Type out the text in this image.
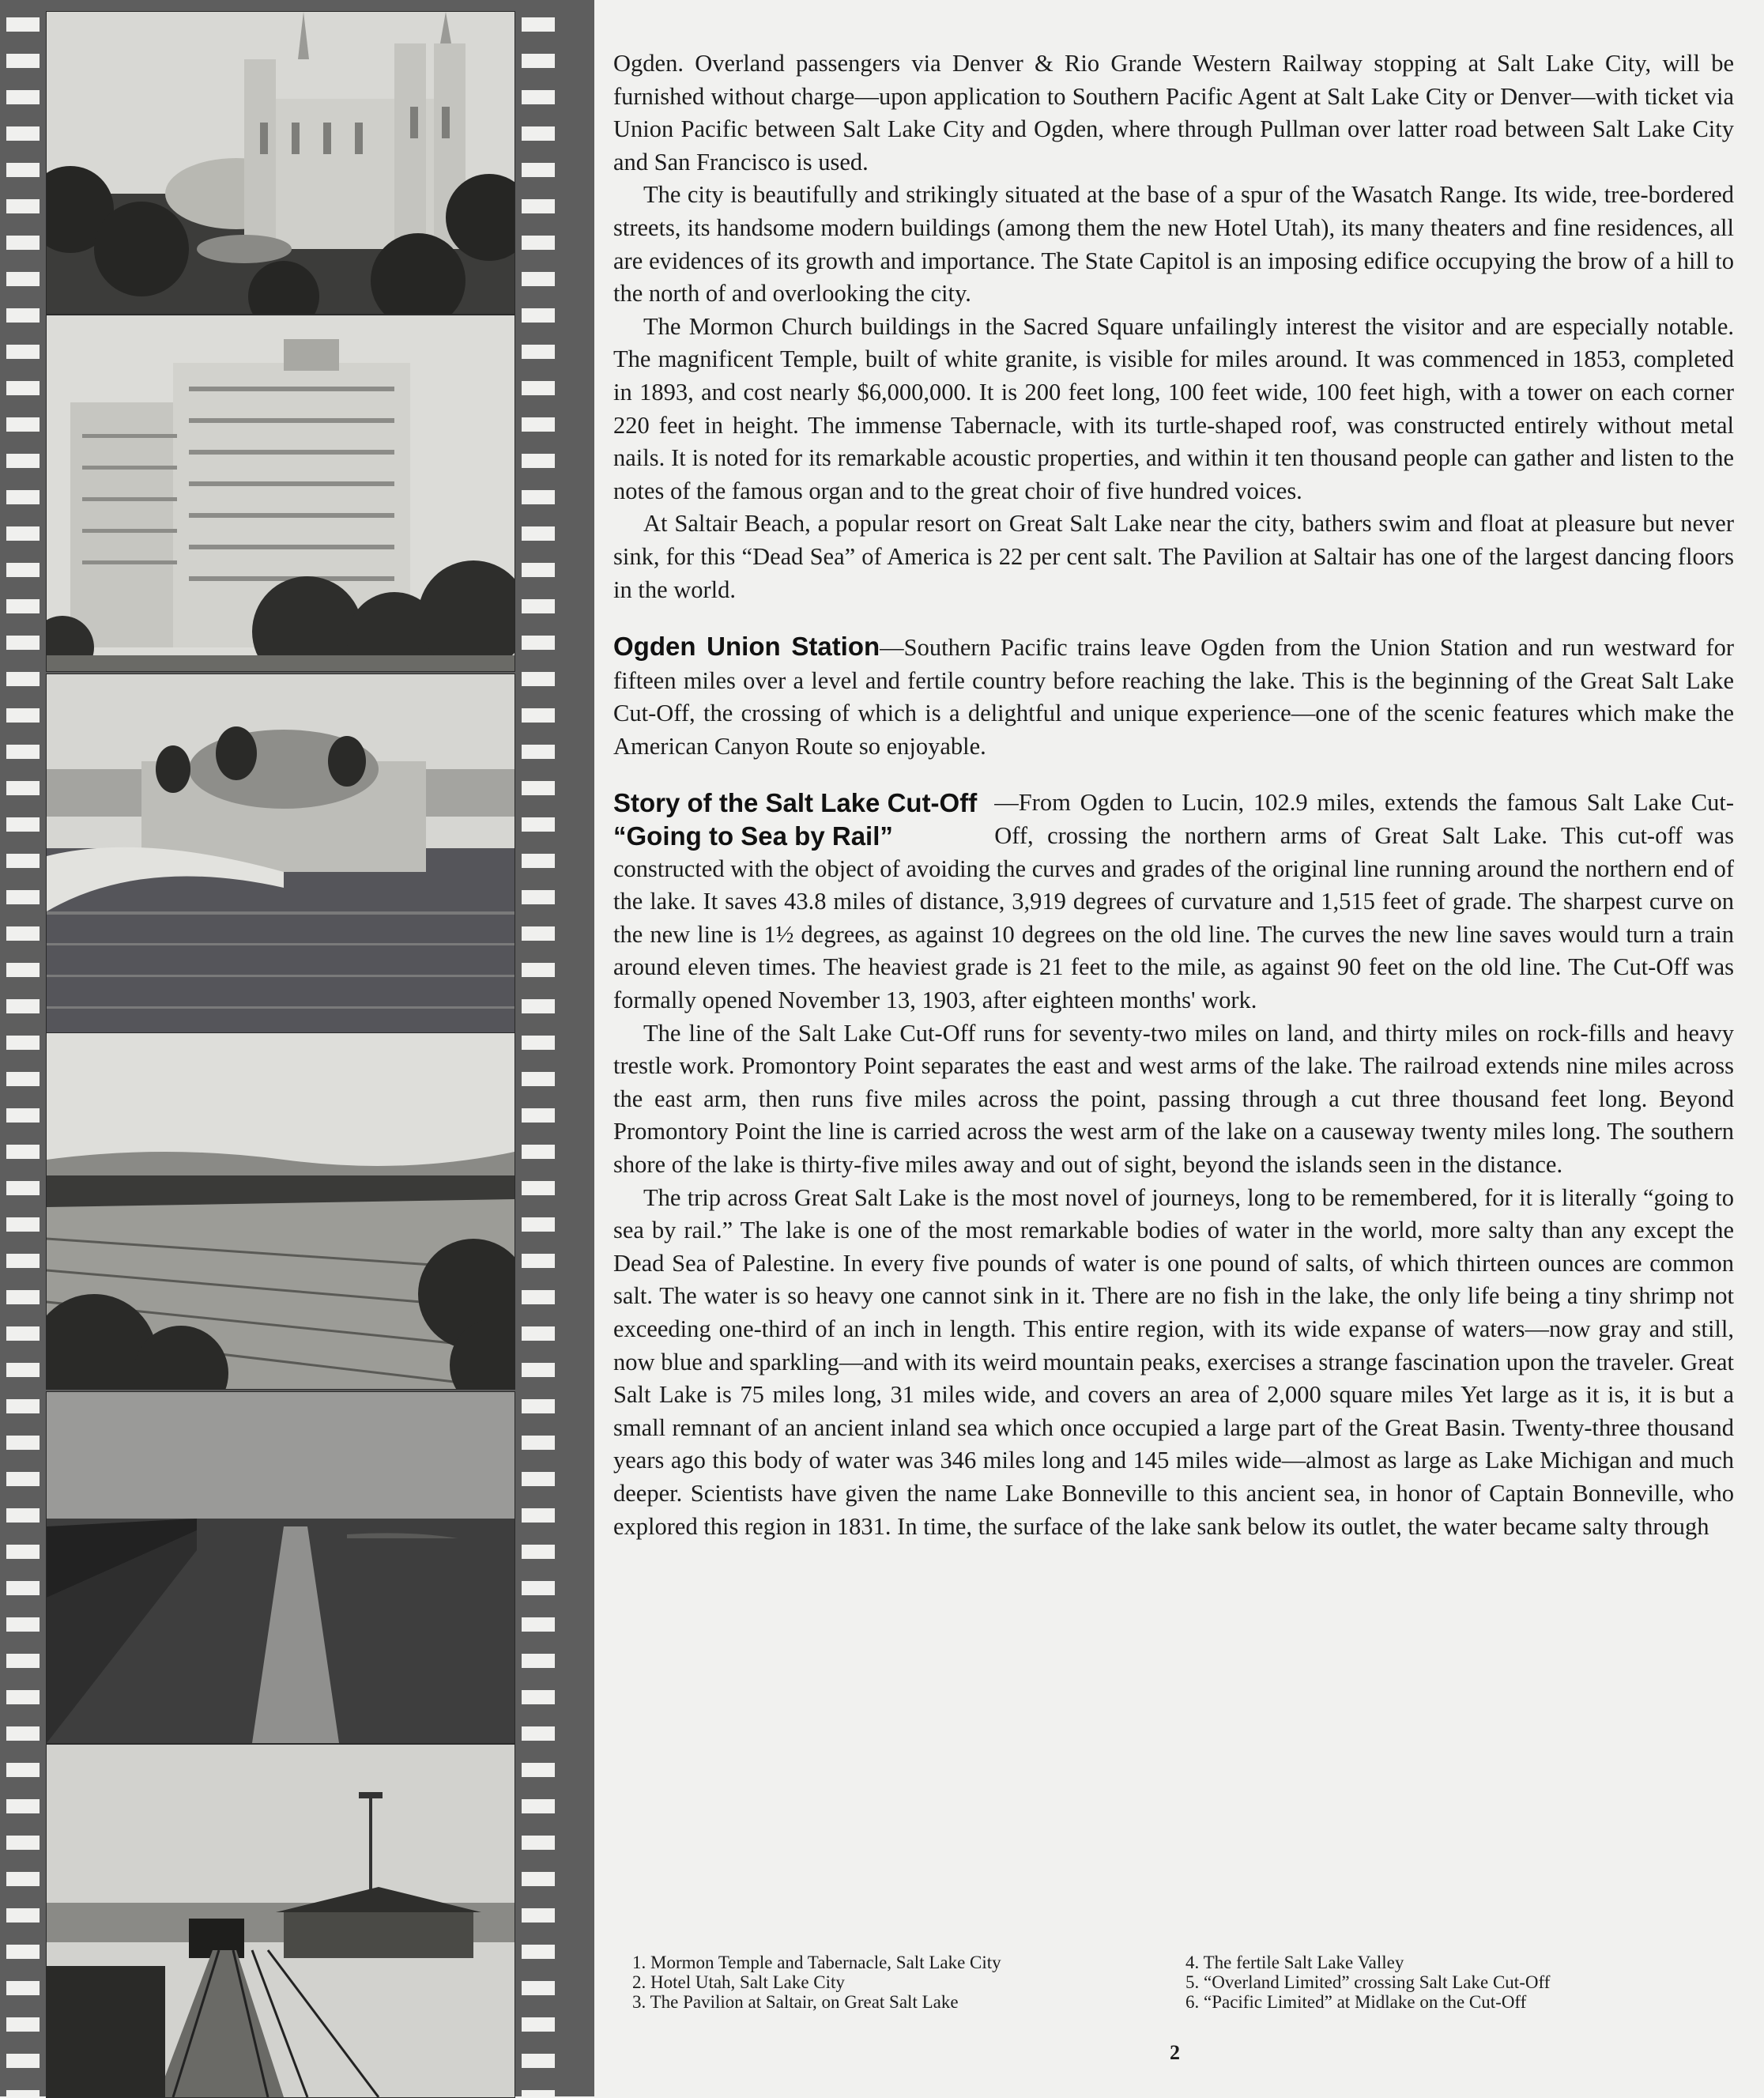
Ogden. Overland passengers via Denver & Rio Grande Western Railway stopping at Salt Lake City, will be furnished without charge—upon application to Southern Pacific Agent at Salt Lake City or Denver—with ticket via Union Pacific between Salt Lake City and Ogden, where through Pullman over latter road between Salt Lake City and San Francisco is used.

The city is beautifully and strikingly situated at the base of a spur of the Wasatch Range. Its wide, tree-bordered streets, its handsome modern buildings (among them the new Hotel Utah), its many theaters and fine residences, all are evidences of its growth and importance. The State Capitol is an imposing edifice occupying the brow of a hill to the north of and overlooking the city.

The Mormon Church buildings in the Sacred Square unfailingly interest the visitor and are especially notable. The magnificent Temple, built of white granite, is visible for miles around. It was commenced in 1853, completed in 1893, and cost nearly $6,000,000. It is 200 feet long, 100 feet wide, 100 feet high, with a tower on each corner 220 feet in height. The immense Tabernacle, with its turtle-shaped roof, was constructed entirely without metal nails. It is noted for its remarkable acoustic properties, and within it ten thousand people can gather and listen to the notes of the famous organ and to the great choir of five hundred voices.

At Saltair Beach, a popular resort on Great Salt Lake near the city, bathers swim and float at pleasure but never sink, for this “Dead Sea” of America is 22 per cent salt. The Pavilion at Saltair has one of the largest dancing floors in the world.

Ogden Union Station—Southern Pacific trains leave Ogden from the Union Station and run westward for fifteen miles over a level and fertile country before reaching the lake. This is the beginning of the Great Salt Lake Cut-Off, the crossing of which is a delightful and unique experience—one of the scenic features which make the American Canyon Route so enjoyable.

Story of the Salt Lake Cut-Off
“Going to Sea by Rail”
—From Ogden to Lucin, 102.9 miles, extends the famous Salt Lake Cut-Off, crossing the northern arms of Great Salt Lake. This cut-off was constructed with the object of avoiding the curves and grades of the original line running around the northern end of the lake. It saves 43.8 miles of distance, 3,919 degrees of curvature and 1,515 feet of grade. The sharpest curve on the new line is 1½ degrees, as against 10 degrees on the old line. The curves the new line saves would turn a train around eleven times. The heaviest grade is 21 feet to the mile, as against 90 feet on the old line. The Cut-Off was formally opened November 13, 1903, after eighteen months' work.

The line of the Salt Lake Cut-Off runs for seventy-two miles on land, and thirty miles on rock-fills and heavy trestle work. Promontory Point separates the east and west arms of the lake. The railroad extends nine miles across the east arm, then runs five miles across the point, passing through a cut three thousand feet long. Beyond Promontory Point the line is carried across the west arm of the lake on a causeway twenty miles long. The southern shore of the lake is thirty-five miles away and out of sight, beyond the islands seen in the distance.

The trip across Great Salt Lake is the most novel of journeys, long to be remembered, for it is literally “going to sea by rail.” The lake is one of the most remarkable bodies of water in the world, more salty than any except the Dead Sea of Palestine. In every five pounds of water is one pound of salts, of which thirteen ounces are common salt. The water is so heavy one cannot sink in it. There are no fish in the lake, the only life being a tiny shrimp not exceeding one-third of an inch in length. This entire region, with its wide expanse of waters—now gray and still, now blue and sparkling—and with its weird mountain peaks, exercises a strange fascination upon the traveler. Great Salt Lake is 75 miles long, 31 miles wide, and covers an area of 2,000 square miles Yet large as it is, it is but a small remnant of an ancient inland sea which once occupied a large part of the Great Basin. Twenty-three thousand years ago this body of water was 346 miles long and 145 miles wide—almost as large as Lake Michigan and much deeper. Scientists have given the name Lake Bonneville to this ancient sea, in honor of Captain Bonneville, who explored this region in 1831. In time, the surface of the lake sank below its outlet, the water became salty through

1. Mormon Temple and Tabernacle, Salt Lake City
2. Hotel Utah, Salt Lake City
3. The Pavilion at Saltair, on Great Salt Lake
4. The fertile Salt Lake Valley
5. “Overland Limited” crossing Salt Lake Cut-Off
6. “Pacific Limited” at Midlake on the Cut-Off
2
